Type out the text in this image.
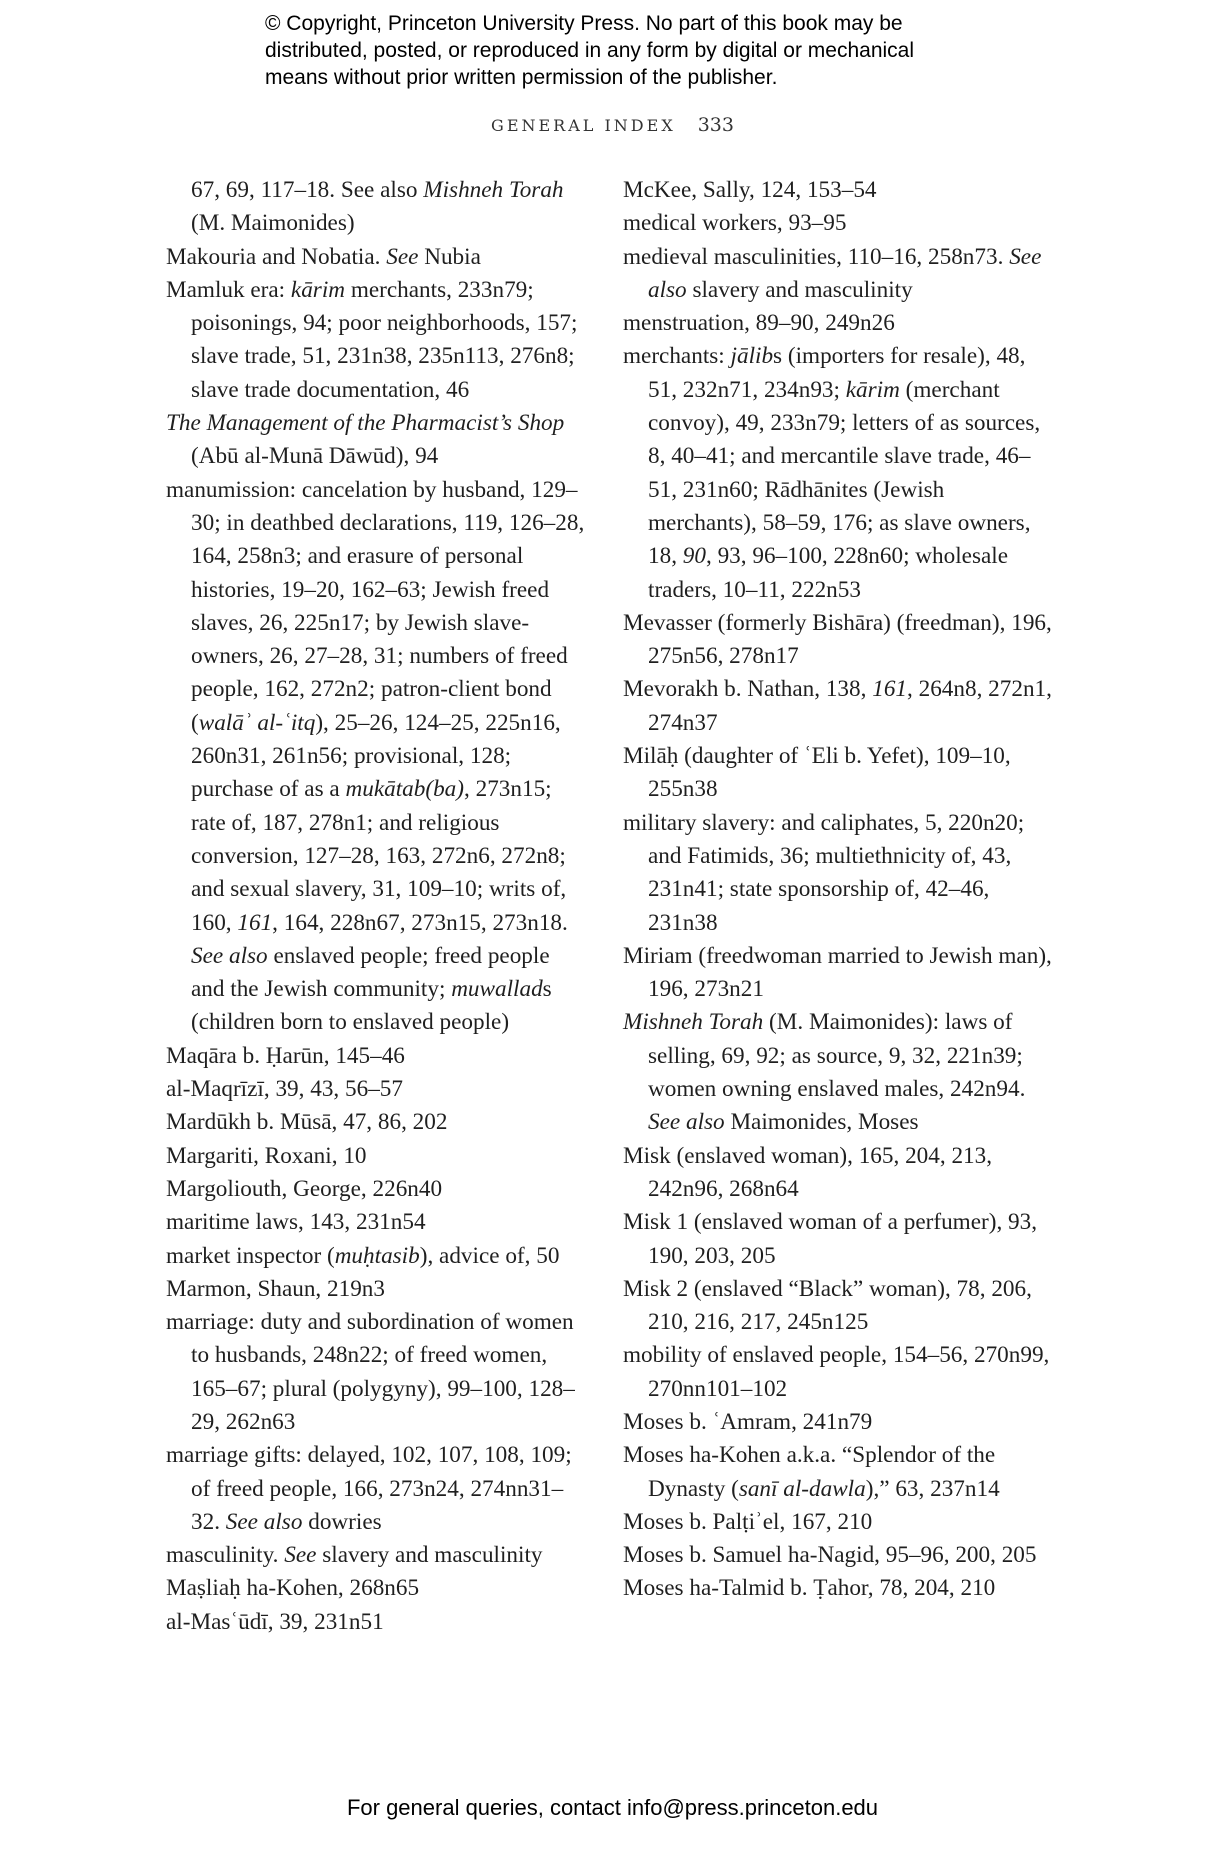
© Copyright, Princeton University Press. No part of this book may be
distributed, posted, or reproduced in any form by digital or mechanical
means without prior written permission of the publisher.
GENERAL INDEX 333
67, 69, 117–18. See also Mishneh Torah (M. Maimonides)
Makouria and Nobatia. See Nubia
Mamluk era: kārim merchants, 233n79; poisonings, 94; poor neighborhoods, 157; slave trade, 51, 231n38, 235n113, 276n8; slave trade documentation, 46
The Management of the Pharmacist’s Shop (Abū al-Munā Dāwūd), 94
manumission: cancelation by husband, 129–30; in deathbed declarations, 119, 126–28, 164, 258n3; and erasure of personal histories, 19–20, 162–63; Jewish freed slaves, 26, 225n17; by Jewish slave-owners, 26, 27–28, 31; numbers of freed people, 162, 272n2; patron-client bond (walāʾ al-ʿitq), 25–26, 124–25, 225n16, 260n31, 261n56; provisional, 128; purchase of as a mukātab(ba), 273n15; rate of, 187, 278n1; and religious conversion, 127–28, 163, 272n6, 272n8; and sexual slavery, 31, 109–10; writs of, 160, 161, 164, 228n67, 273n15, 273n18. See also enslaved people; freed people and the Jewish community; muwallads (children born to enslaved people)
Maqāra b. Ḥarūn, 145–46
al-Maqrīzī, 39, 43, 56–57
Mardūkh b. Mūsā, 47, 86, 202
Margariti, Roxani, 10
Margoliouth, George, 226n40
maritime laws, 143, 231n54
market inspector (muḥtasib), advice of, 50
Marmon, Shaun, 219n3
marriage: duty and subordination of women to husbands, 248n22; of freed women, 165–67; plural (polygyny), 99–100, 128–29, 262n63
marriage gifts: delayed, 102, 107, 108, 109; of freed people, 166, 273n24, 274nn31–32. See also dowries
masculinity. See slavery and masculinity
Maṣliaḥ ha-Kohen, 268n65
al-Masʿūdī, 39, 231n51
McKee, Sally, 124, 153–54
medical workers, 93–95
medieval masculinities, 110–16, 258n73. See also slavery and masculinity
menstruation, 89–90, 249n26
merchants: jālibs (importers for resale), 48, 51, 232n71, 234n93; kārim (merchant convoy), 49, 233n79; letters of as sources, 8, 40–41; and mercantile slave trade, 46–51, 231n60; Rādhānites (Jewish merchants), 58–59, 176; as slave owners, 18, 90, 93, 96–100, 228n60; wholesale traders, 10–11, 222n53
Mevasser (formerly Bishāra) (freedman), 196, 275n56, 278n17
Mevorakh b. Nathan, 138, 161, 264n8, 272n1, 274n37
Milāḥ (daughter of ʿEli b. Yefet), 109–10, 255n38
military slavery: and caliphates, 5, 220n20; and Fatimids, 36; multiethnicity of, 43, 231n41; state sponsorship of, 42–46, 231n38
Miriam (freedwoman married to Jewish man), 196, 273n21
Mishneh Torah (M. Maimonides): laws of selling, 69, 92; as source, 9, 32, 221n39; women owning enslaved males, 242n94. See also Maimonides, Moses
Misk (enslaved woman), 165, 204, 213, 242n96, 268n64
Misk 1 (enslaved woman of a perfumer), 93, 190, 203, 205
Misk 2 (enslaved “Black” woman), 78, 206, 210, 216, 217, 245n125
mobility of enslaved people, 154–56, 270n99, 270nn101–102
Moses b. ʿAmram, 241n79
Moses ha-Kohen a.k.a. “Splendor of the Dynasty (sanī al-dawla),” 63, 237n14
Moses b. Palṭiʾel, 167, 210
Moses b. Samuel ha-Nagid, 95–96, 200, 205
Moses ha-Talmid b. Ṭahor, 78, 204, 210
For general queries, contact info@press.princeton.edu
